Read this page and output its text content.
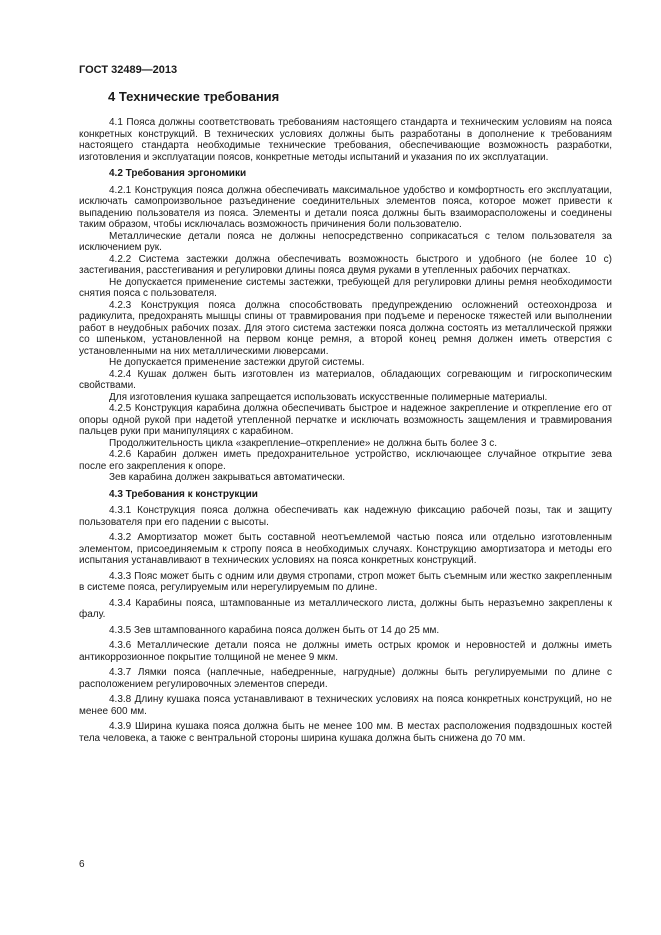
ГОСТ 32489—2013
4 Технические требования

4.1 Пояса должны соответствовать требованиям настоящего стандарта и техническим условиям на пояса конкретных конструкций. В технических условиях должны быть разработаны в дополнение к требованиям настоящего стандарта необходимые технические требования, обеспечивающие возможность разработки, изготовления и эксплуатации поясов, конкретные методы испытаний и указания по их эксплуатации.

4.2 Требования эргономики

4.2.1 Конструкция пояса должна обеспечивать максимальное удобство и комфортность его эксплуатации, исключать самопроизвольное разъединение соединительных элементов пояса, которое может привести к выпадению пользователя из пояса. Элементы и детали пояса должны быть взаиморасположены и соединены таким образом, чтобы исключалась возможность причинения боли пользователю.

Металлические детали пояса не должны непосредственно соприкасаться с телом пользователя за исключением рук.

4.2.2 Система застежки должна обеспечивать возможность быстрого и удобного (не более 10 с) застегивания, расстегивания и регулировки длины пояса двумя руками в утепленных рабочих перчатках.

Не допускается применение системы застежки, требующей для регулировки длины ремня необходимости снятия пояса с пользователя.

4.2.3 Конструкция пояса должна способствовать предупреждению осложнений остеохондроза и радикулита, предохранять мышцы спины от травмирования при подъеме и переноске тяжестей или выполнении работ в неудобных рабочих позах. Для этого система застежки пояса должна состоять из металлической пряжки со шпеньком, установленной на первом конце ремня, а второй конец ремня должен иметь отверстия с установленными на них металлическими люверсами.

Не допускается применение застежки другой системы.

4.2.4 Кушак должен быть изготовлен из материалов, обладающих согревающим и гигроскопическим свойствами.

Для изготовления кушака запрещается использовать искусственные полимерные материалы.

4.2.5 Конструкция карабина должна обеспечивать быстрое и надежное закрепление и открепление его от опоры одной рукой при надетой утепленной перчатке и исключать возможность защемления и травмирования пальцев руки при манипуляциях с карабином.

Продолжительность цикла «закрепление–открепление» не должна быть более 3 с.

4.2.6 Карабин должен иметь предохранительное устройство, исключающее случайное открытие зева после его закрепления к опоре.

Зев карабина должен закрываться автоматически.

4.3 Требования к конструкции

4.3.1 Конструкция пояса должна обеспечивать как надежную фиксацию рабочей позы, так и защиту пользователя при его падении с высоты.

4.3.2 Амортизатор может быть составной неотъемлемой частью пояса или отдельно изготовленным элементом, присоединяемым к стропу пояса в необходимых случаях. Конструкцию амортизатора и методы его испытания устанавливают в технических условиях на пояса конкретных конструкций.

4.3.3 Пояс может быть с одним или двумя стропами, строп может быть съемным или жестко закрепленным в системе пояса, регулируемым или нерегулируемым по длине.

4.3.4 Карабины пояса, штампованные из металлического листа, должны быть неразъемно закреплены к фалу.

4.3.5 Зев штампованного карабина пояса должен быть от 14 до 25 мм.

4.3.6 Металлические детали пояса не должны иметь острых кромок и неровностей и должны иметь антикоррозионное покрытие толщиной не менее 9 мкм.

4.3.7 Лямки пояса (наплечные, набедренные, нагрудные) должны быть регулируемыми по длине с расположением регулировочных элементов спереди.

4.3.8 Длину кушака пояса устанавливают в технических условиях на пояса конкретных конструкций, но не менее 600 мм.

4.3.9 Ширина кушака пояса должна быть не менее 100 мм. В местах расположения подвздошных костей тела человека, а также с вентральной стороны ширина кушака должна быть снижена до 70 мм.

6
